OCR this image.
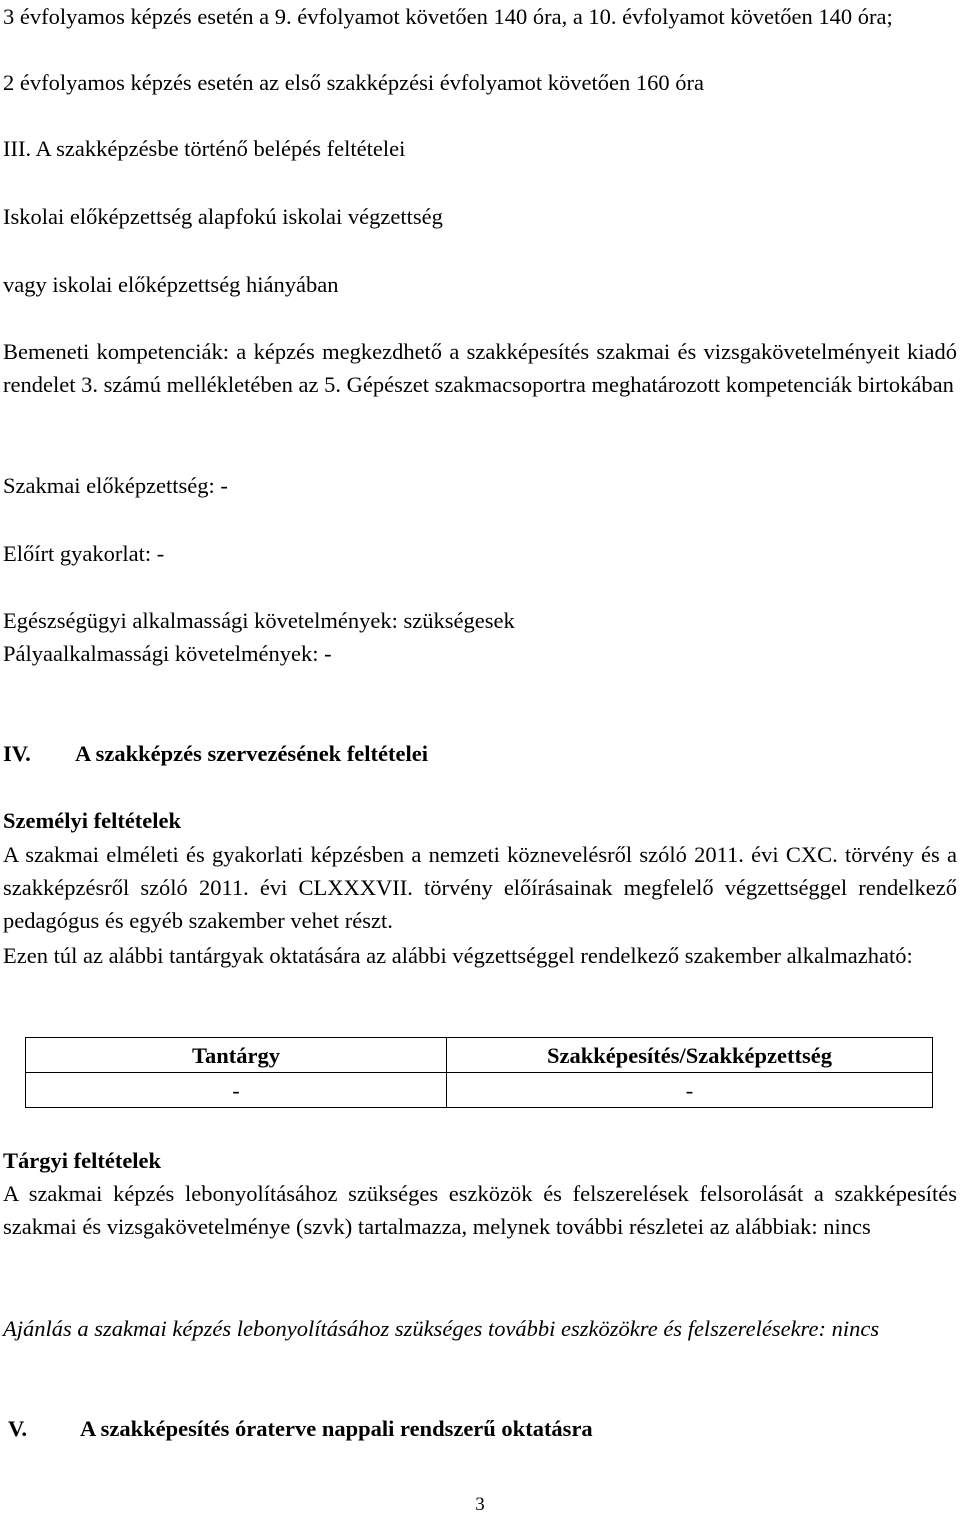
3 évfolyamos képzés esetén a 9. évfolyamot követően 140 óra, a 10. évfolyamot követően 140 óra;

2 évfolyamos képzés esetén az első szakképzési évfolyamot követően 160 óra

III. A szakképzésbe történő belépés feltételei

Iskolai előképzettség alapfokú iskolai végzettség

vagy iskolai előképzettség hiányában

Bemeneti kompetenciák: a képzés megkezdhető a szakképesítés szakmai és vizsgakövetelményeit kiadó rendelet 3. számú mellékletében az 5. Gépészet szakmacsoportra meghatározott kompetenciák birtokában

Szakmai előképzettség: -

Előírt gyakorlat: -

Egészségügyi alkalmassági követelmények: szükségesek

Pályaalkalmassági követelmények: -

IV. A szakképzés szervezésének feltételei

Személyi feltételek

A szakmai elméleti és gyakorlati képzésben a nemzeti köznevelésről szóló 2011. évi CXC. törvény és a szakképzésről szóló 2011. évi CLXXXVII. törvény előírásainak megfelelő végzettséggel rendelkező pedagógus és egyéb szakember vehet részt.

Ezen túl az alábbi tantárgyak oktatására az alábbi végzettséggel rendelkező szakember alkalmazható:

Tantárgy	Szakképesítés/Szakképzettség
-	-

Tárgyi feltételek

A szakmai képzés lebonyolításához szükséges eszközök és felszerelések felsorolását a szakképesítés szakmai és vizsgakövetelménye (szvk) tartalmazza, melynek további részletei az alábbiak: nincs

Ajánlás a szakmai képzés lebonyolításához szükséges további eszközökre és felszerelésekre: nincs

V. A szakképesítés óraterve nappali rendszerű oktatásra
3
